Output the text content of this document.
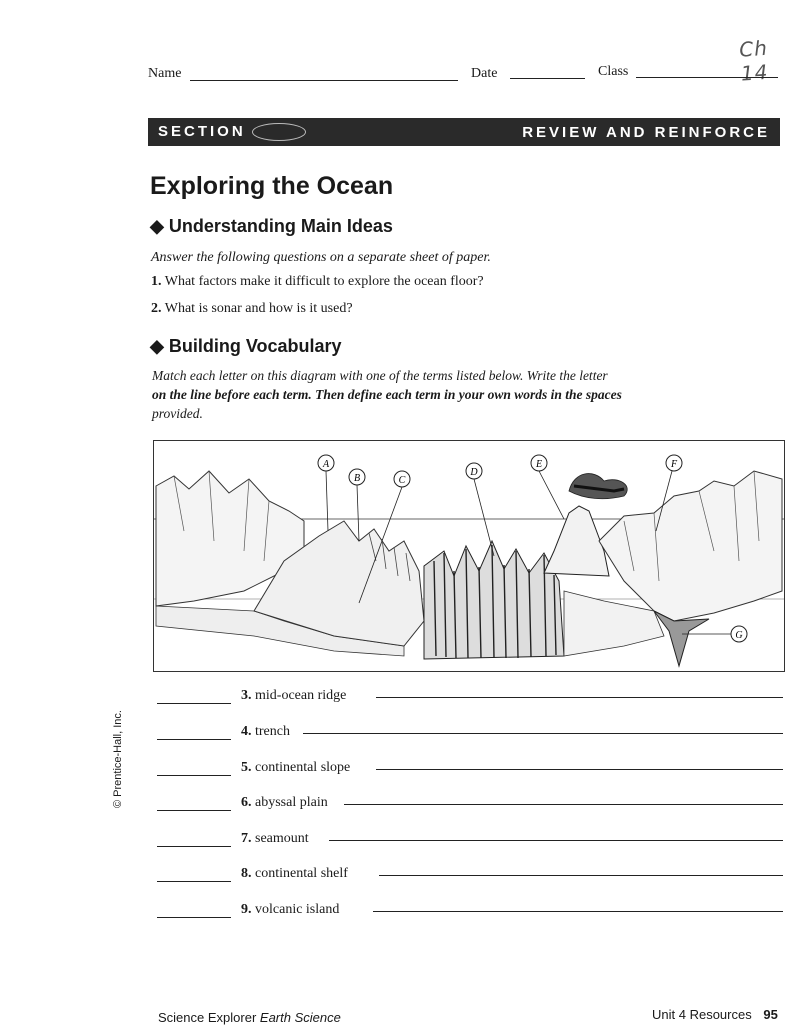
Ch 14
Name	Date	Class
SECTION	REVIEW AND REINFORCE
Exploring the Ocean
◆ Understanding Main Ideas
Answer the following questions on a separate sheet of paper.
1. What factors make it difficult to explore the ocean floor?
2. What is sonar and how is it used?
◆ Building Vocabulary
Match each letter on this diagram with one of the terms listed below. Write the letter
on the line before each term. Then define each term in your own words in the spaces
provided.
A
B	C
D
E	F
G
3. mid-ocean ridge
4. trench
5. continental slope
6. abyssal plain
7. seamount
8. continental shelf
9. volcanic island
© Prentice-Hall, Inc.
Science Explorer Earth Science	Unit 4 Resources 95
